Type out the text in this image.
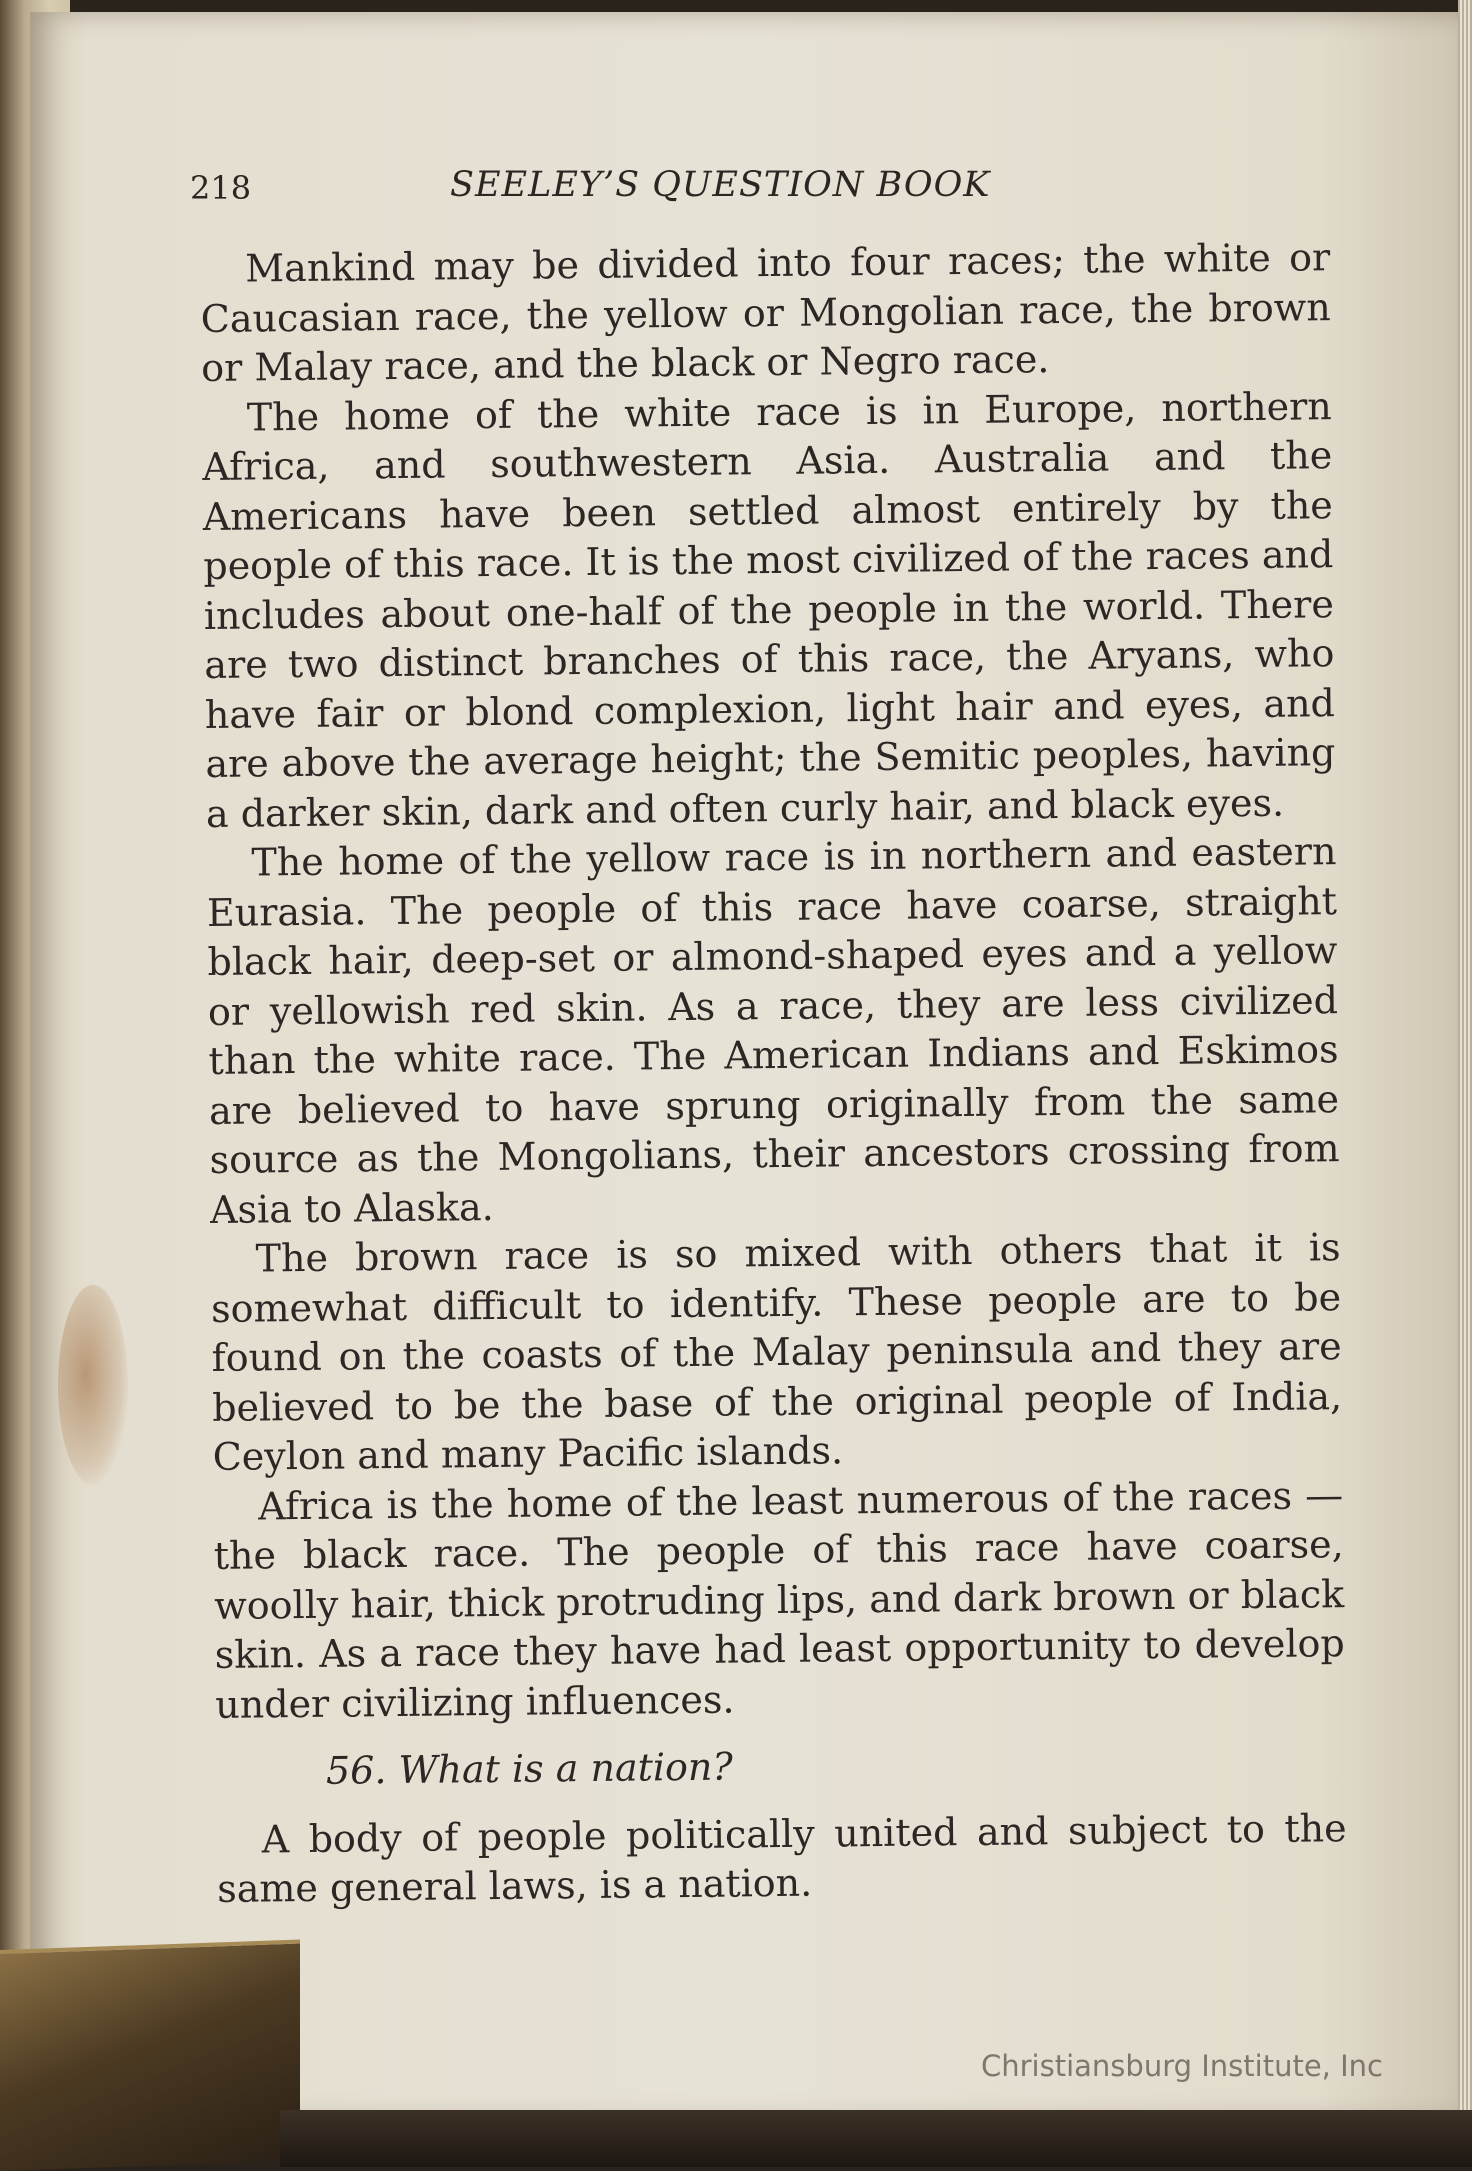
218	SEELEY’S QUESTION BOOK

Mankind may be divided into four races; the white or Caucasian race, the yellow or Mongolian race, the brown or Malay race, and the black or Negro race.

The home of the white race is in Europe, northern Africa, and southwestern Asia. Australia and the Americans have been settled almost entirely by the people of this race. It is the most civilized of the races and includes about one-half of the people in the world. There are two distinct branches of this race, the Aryans, who have fair or blond complexion, light hair and eyes, and are above the average height; the Semitic peoples, having a darker skin, dark and often curly hair, and black eyes.

The home of the yellow race is in northern and eastern Eurasia. The people of this race have coarse, straight black hair, deep-set or almond-shaped eyes and a yellow or yellowish red skin. As a race, they are less civilized than the white race. The American Indians and Eskimos are believed to have sprung originally from the same source as the Mongolians, their ancestors crossing from Asia to Alaska.

The brown race is so mixed with others that it is somewhat difficult to identify. These people are to be found on the coasts of the Malay peninsula and they are believed to be the base of the original people of India, Ceylon and many Pacific islands.

Africa is the home of the least numerous of the races —the black race. The people of this race have coarse, woolly hair, thick protruding lips, and dark brown or black skin. As a race they have had least opportunity to develop under civilizing influences.

56. What is a nation?

A body of people politically united and subject to the same general laws, is a nation.

Christiansburg Institute, Inc
